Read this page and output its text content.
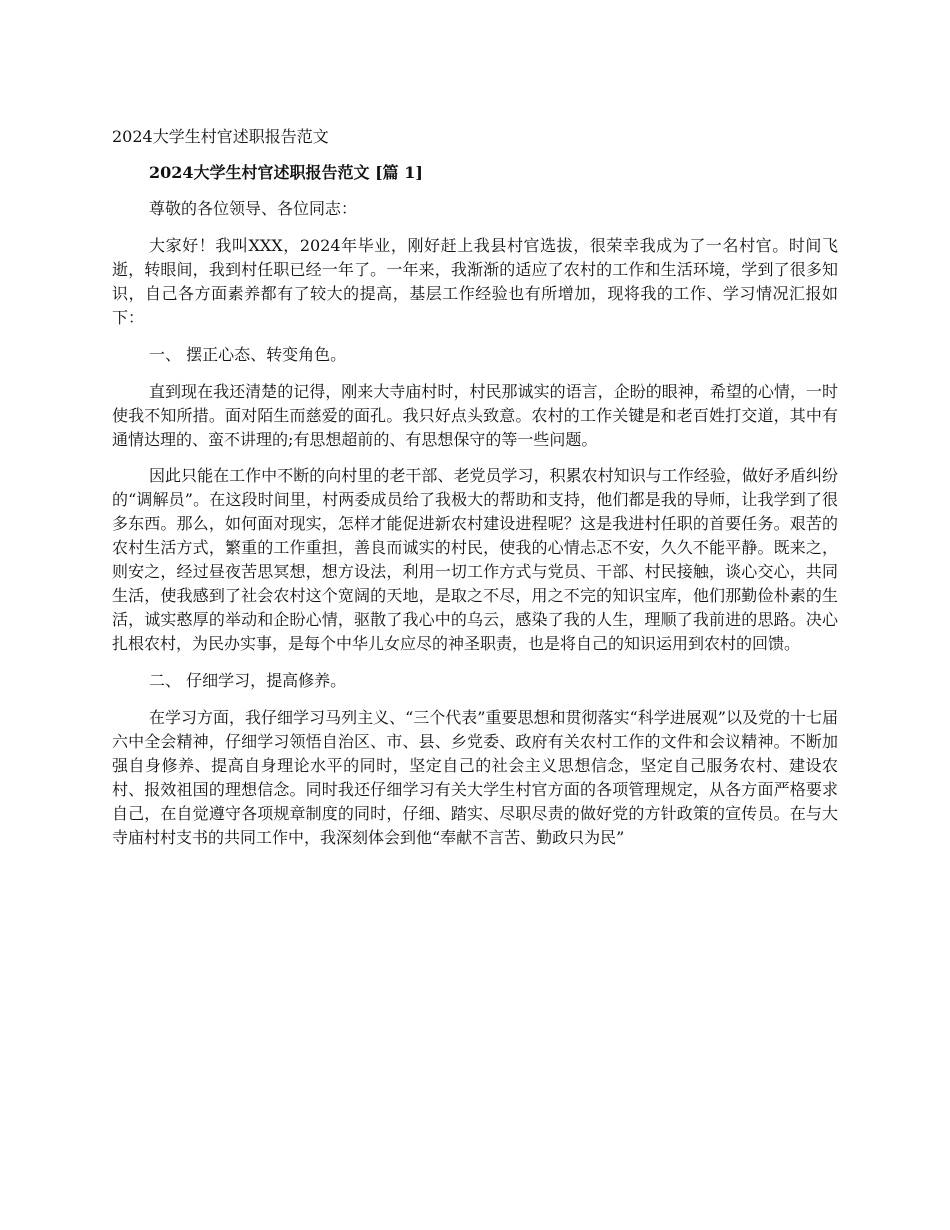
2024大学生村官述职报告范文
2024大学生村官述职报告范文 [篇 1]
尊敬的各位领导、各位同志：

大家好！我叫XXX，2024年毕业，刚好赶上我县村官选拔，很荣幸我成为了一名村官。时间飞逝，转眼间，我到村任职已经一年了。一年来，我渐渐的适应了农村的工作和生活环境，学到了很多知识，自己各方面素养都有了较大的提高，基层工作经验也有所增加，现将我的工作、学习情况汇报如下：

一、 摆正心态、转变角色。

直到现在我还清楚的记得，刚来大寺庙村时，村民那诚实的语言，企盼的眼神，希望的心情，一时使我不知所措。面对陌生而慈爱的面孔。我只好点头致意。农村的工作关键是和老百姓打交道，其中有通情达理的、蛮不讲理的;有思想超前的、有思想保守的等一些问题。

因此只能在工作中不断的向村里的老干部、老党员学习，积累农村知识与工作经验，做好矛盾纠纷的“调解员”。在这段时间里，村两委成员给了我极大的帮助和支持，他们都是我的导师，让我学到了很多东西。那么，如何面对现实，怎样才能促进新农村建设进程呢？这是我进村任职的首要任务。艰苦的农村生活方式，繁重的工作重担，善良而诚实的村民，使我的心情忐忑不安，久久不能平静。既来之，则安之，经过昼夜苦思冥想，想方设法，利用一切工作方式与党员、干部、村民接触，谈心交心，共同生活，使我感到了社会农村这个宽阔的天地，是取之不尽，用之不完的知识宝库，他们那勤俭朴素的生活，诚实憨厚的举动和企盼心情，驱散了我心中的乌云，感染了我的人生，理顺了我前进的思路。决心扎根农村，为民办实事，是每个中华儿女应尽的神圣职责，也是将自己的知识运用到农村的回馈。

二、 仔细学习，提高修养。

在学习方面，我仔细学习马列主义、“三个代表”重要思想和贯彻落实“科学进展观”以及党的十七届六中全会精神，仔细学习领悟自治区、市、县、乡党委、政府有关农村工作的文件和会议精神。不断加强自身修养、提高自身理论水平的同时，坚定自己的社会主义思想信念，坚定自己服务农村、建设农村、报效祖国的理想信念。同时我还仔细学习有关大学生村官方面的各项管理规定，从各方面严格要求自己，在自觉遵守各项规章制度的同时，仔细、踏实、尽职尽责的做好党的方针政策的宣传员。在与大寺庙村村支书的共同工作中，我深刻体会到他“奉献不言苦、勤政只为民”
